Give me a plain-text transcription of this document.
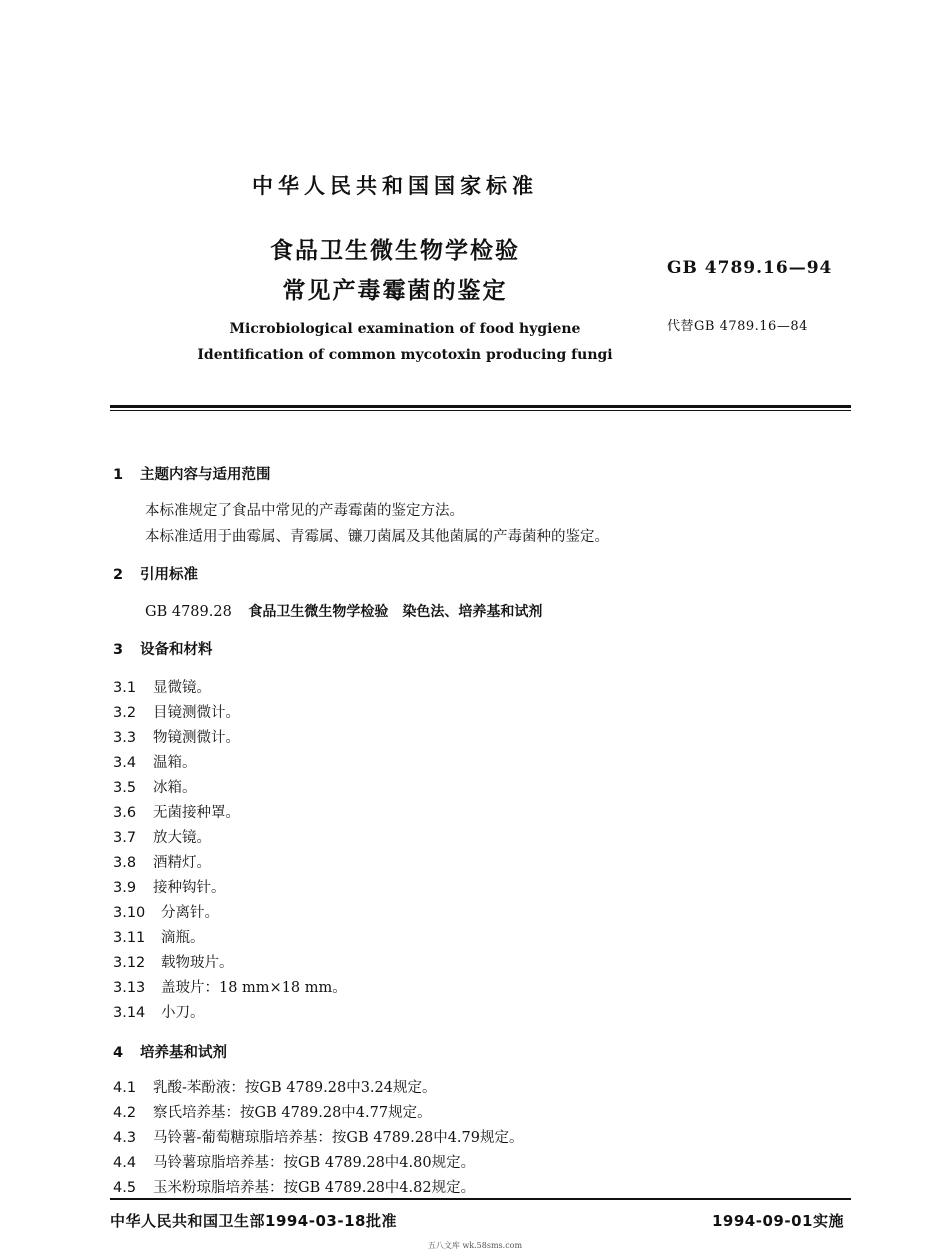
中华人民共和国国家标准
食品卫生微生物学检验
常见产毒霉菌的鉴定
GB 4789.16—94
代替GB 4789.16—84
Microbiological examination of food hygiene
Identification of common mycotoxin producing fungi
1 主题内容与适用范围
本标准规定了食品中常见的产毒霉菌的鉴定方法。
本标准适用于曲霉属、青霉属、镰刀菌属及其他菌属的产毒菌种的鉴定。
2 引用标准
GB 4789.28 食品卫生微生物学检验　染色法、培养基和试剂
3 设备和材料
3.1 显微镜。
3.2 目镜测微计。
3.3 物镜测微计。
3.4 温箱。
3.5 冰箱。
3.6 无菌接种罩。
3.7 放大镜。
3.8 酒精灯。
3.9 接种钩针。
3.10 分离针。
3.11 滴瓶。
3.12 载物玻片。
3.13 盖玻片：18 mm×18 mm。
3.14 小刀。
4 培养基和试剂
4.1 乳酸-苯酚液：按GB 4789.28中3.24规定。
4.2 察氏培养基：按GB 4789.28中4.77规定。
4.3 马铃薯-葡萄糖琼脂培养基：按GB 4789.28中4.79规定。
4.4 马铃薯琼脂培养基：按GB 4789.28中4.80规定。
4.5 玉米粉琼脂培养基：按GB 4789.28中4.82规定。
中华人民共和国卫生部1994-03-18批准	1994-09-01实施
五八文库 wk.58sms.com
